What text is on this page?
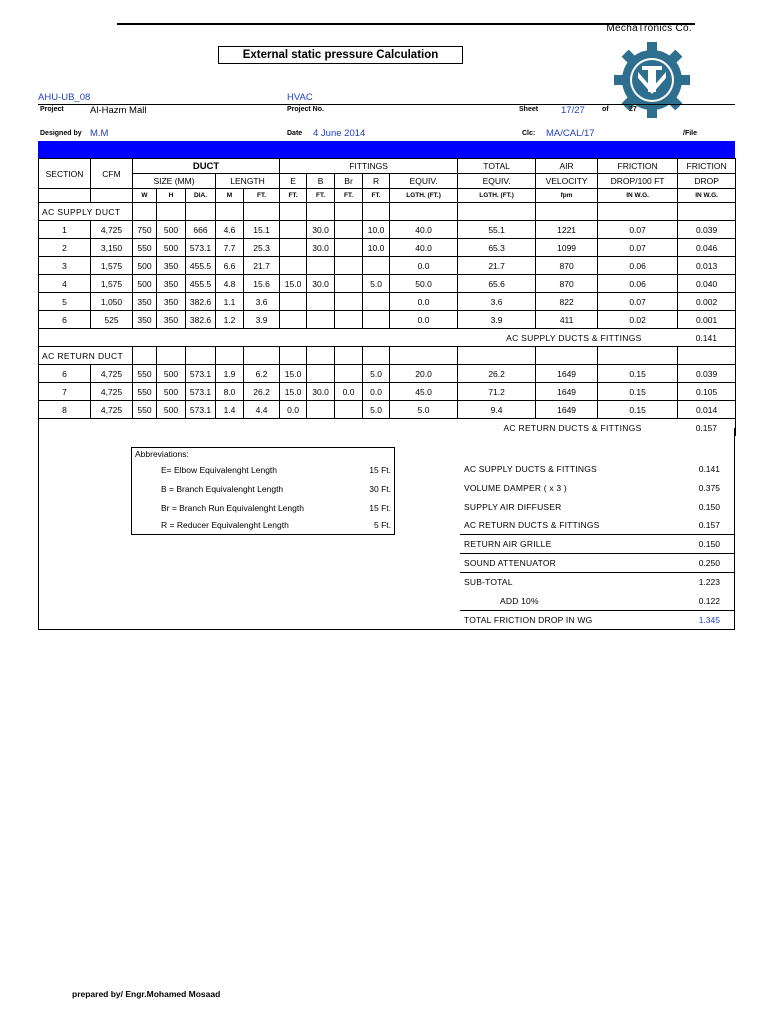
MechaTronics Co.
External static pressure Calculation
AHU-UB_08	HVAC
Project	Al-Hazm Mall	Project No.	Sheet 17/27 of	27
Designed by M.M	Date 4 June 2014	Clc: MA/CAL/17	/File
SECTION	CFM	DUCT					FITTINGS					TOTAL	AIR	FRICTION	FRICTION
		SIZE (MM)			LENGTH		E	B	Br	R	EQUIV.	EQUIV.	VELOCITY	DROP/100 FT	DROP
		W	H	DIA.	M	FT.	FT.	FT.	FT.	FT.	LGTH. (FT.)	LGTH. (FT.)	fpm	IN W.G.	IN W.G.
AC SUPPLY DUCT															
1	4,725	750	500	666	4.6	15.1		30.0		10.0	40.0	55.1	1221	0.07	0.039
2	3,150	550	500	573.1	7.7	25.3		30.0		10.0	40.0	65.3	1099	0.07	0.046
3	1,575	500	350	455.5	6.6	21.7					0.0	21.7	870	0.06	0.013
4	1,575	500	350	455.5	4.8	15.6	15.0	30.0		5.0	50.0	65.6	870	0.06	0.040
5	1,050	350	350	382.6	1.1	3.6					0.0	3.6	822	0.07	0.002
6	525	350	350	382.6	1.2	3.9					0.0	3.9	411	0.02	0.001
AC SUPPLY DUCTS & FITTINGS															0.141
AC RETURN DUCT															
6	4,725	550	500	573.1	1.9	6.2	15.0			5.0	20.0	26.2	1649	0.15	0.039
7	4,725	550	500	573.1	8.0	26.2	15.0	30.0	0.0	0.0	45.0	71.2	1649	0.15	0.105
8	4,725	550	500	573.1	1.4	4.4	0.0			5.0	5.0	9.4	1649	0.15	0.014
AC RETURN DUCTS & FITTINGS															0.157
Abbreviations:
E= Elbow Equivalenght Length	15 Ft.
B = Branch Equivalenght Length	30 Ft.
Br = Branch Run Equivalenght Length	15 Ft.
R = Reducer Equivalenght Length	5 Ft.
AC SUPPLY DUCTS & FITTINGS	0.141
VOLUME DAMPER ( x 3 )	0.375
SUPPLY AIR DIFFUSER	0.150
AC RETURN DUCTS & FITTINGS	0.157
RETURN AIR GRILLE	0.150
SOUND ATTENUATOR	0.250
SUB-TOTAL	1.223
ADD 10%	0.122
TOTAL FRICTION DROP IN WG	1.345
prepared by/ Engr.Mohamed Mosaad
